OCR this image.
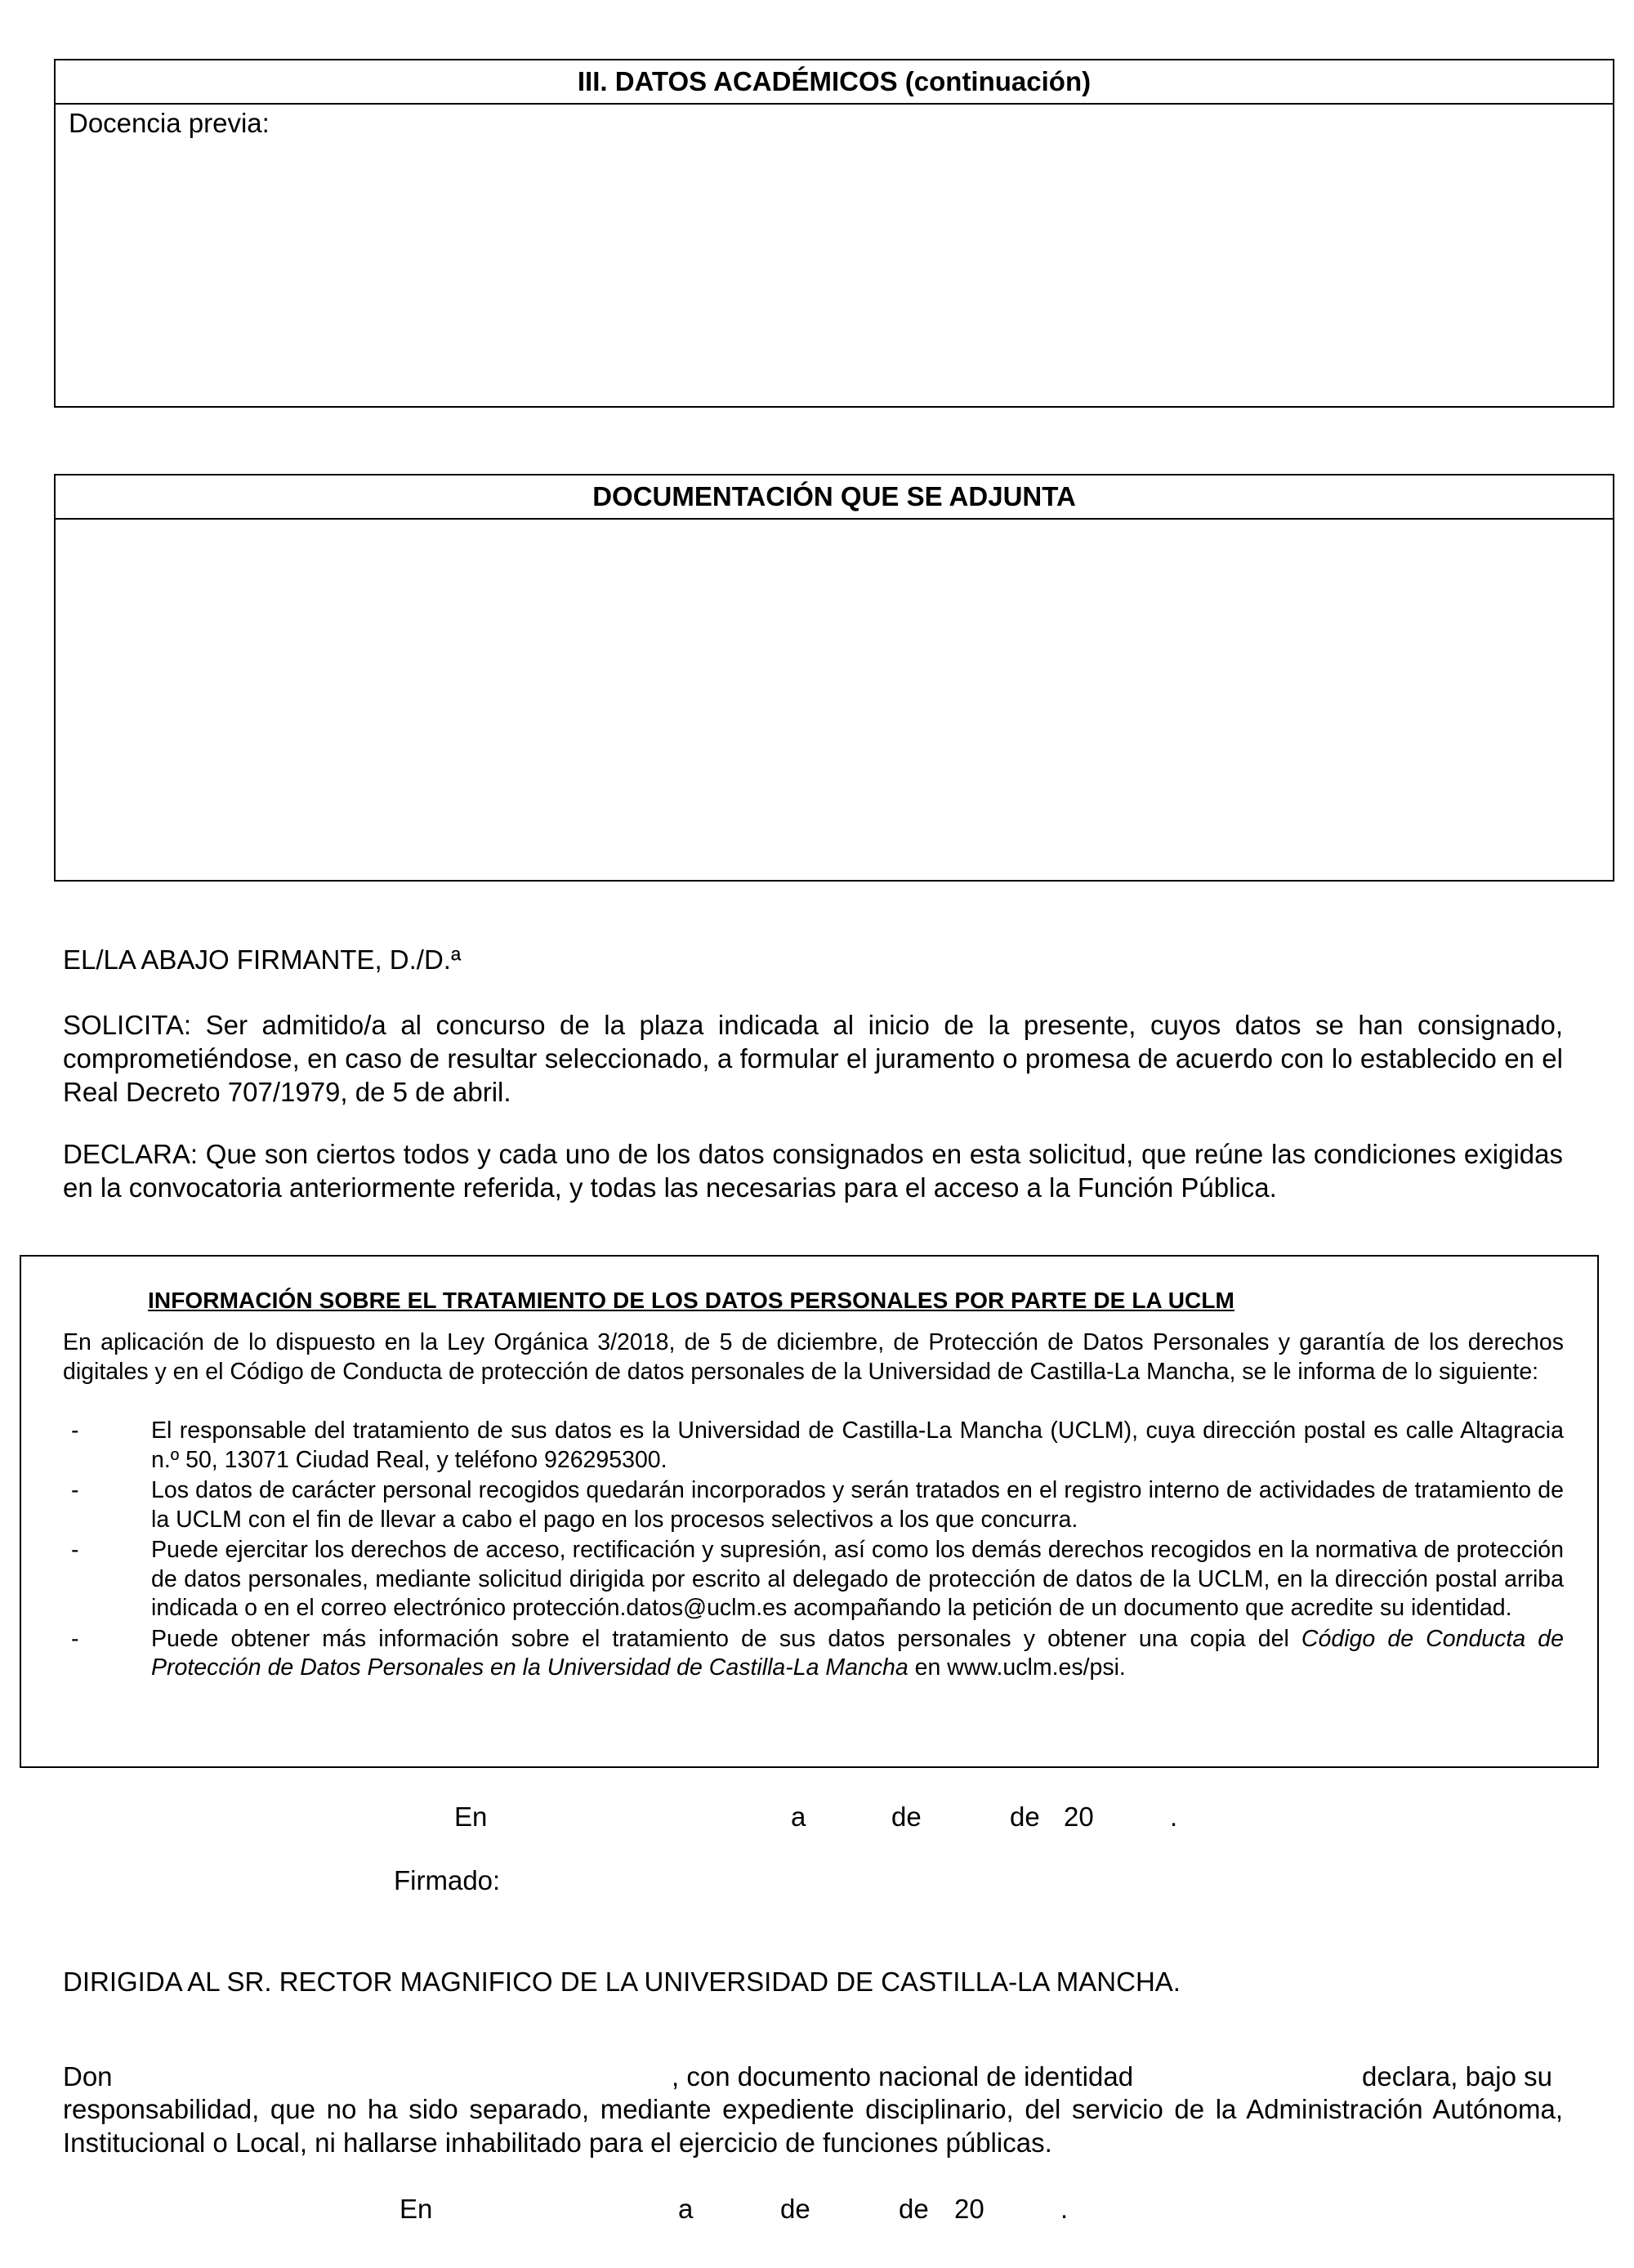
III. DATOS ACADÉMICOS (continuación)
Docencia previa:
DOCUMENTACIÓN QUE SE ADJUNTA
EL/LA ABAJO FIRMANTE, D./D.ª

SOLICITA: Ser admitido/a al concurso de la plaza indicada al inicio de la presente, cuyos datos se han consignado, comprometiéndose, en caso de resultar seleccionado, a formular el juramento o promesa de acuerdo con lo establecido en el Real Decreto 707/1979, de 5 de abril.

DECLARA: Que son ciertos todos y cada uno de los datos consignados en esta solicitud, que reúne las condiciones exigidas en la convocatoria anteriormente referida, y todas las necesarias para el acceso a la Función Pública.

INFORMACIÓN SOBRE EL TRATAMIENTO DE LOS DATOS PERSONALES POR PARTE DE LA UCLM
En aplicación de lo dispuesto en la Ley Orgánica 3/2018, de 5 de diciembre, de Protección de Datos Personales y garantía de los derechos digitales y en el Código de Conducta de protección de datos personales de la Universidad de Castilla-La Mancha, se le informa de lo siguiente:
-	El responsable del tratamiento de sus datos es la Universidad de Castilla-La Mancha (UCLM), cuya dirección postal es calle Altagracia n.º 50, 13071 Ciudad Real, y teléfono 926295300.
-	Los datos de carácter personal recogidos quedarán incorporados y serán tratados en el registro interno de actividades de tratamiento de la UCLM con el fin de llevar a cabo el pago en los procesos selectivos a los que concurra.
-	Puede ejercitar los derechos de acceso, rectificación y supresión, así como los demás derechos recogidos en la normativa de protección de datos personales, mediante solicitud dirigida por escrito al delegado de protección de datos de la UCLM, en la dirección postal arriba indicada o en el correo electrónico protección.datos@uclm.es acompañando la petición de un documento que acredite su identidad.
-	Puede obtener más información sobre el tratamiento de sus datos personales y obtener una copia del Código de Conducta de Protección de Datos Personales en la Universidad de Castilla-La Mancha en www.uclm.es/psi.
En	a	de	de 20	.
Firmado:
DIRIGIDA AL SR. RECTOR MAGNIFICO DE LA UNIVERSIDAD DE CASTILLA-LA MANCHA.
Don	, con documento nacional de identidad	declara, bajo su
responsabilidad, que no ha sido separado, mediante expediente disciplinario, del servicio de la Administración Autónoma, Institucional o Local, ni hallarse inhabilitado para el ejercicio de funciones públicas.
En	a	de	de 20	.
